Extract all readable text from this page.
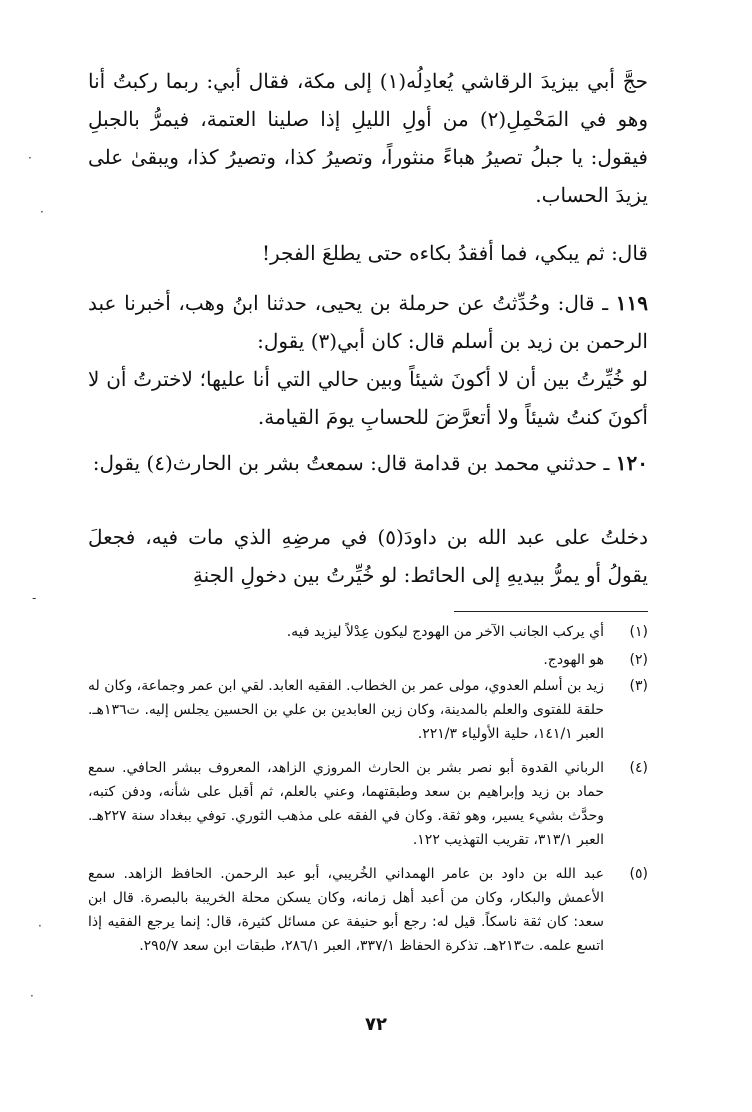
حجَّ أبي بيزيدَ الرقاشي يُعادِلُه(١) إلى مكة، فقال أبي: ربما ركبتُ أنا وهو في المَحْمِلِ(٢) من أولِ الليلِ إذا صلينا العتمة، فيمرُّ بالجبلِ فيقول: يا جبلُ تصيرُ هباءً منثوراً، وتصيرُ كذا، وتصيرُ كذا، ويبقىٰ على يزيدَ الحساب.
قال: ثم يبكي، فما أفقدُ بكاءه حتى يطلعَ الفجر!
١١٩ ـ قال: وحُدِّثتُ عن حرملة بن يحيى، حدثنا ابنُ وهب، أخبرنا عبد الرحمن بن زيد بن أسلم قال: كان أبي(٣) يقول:
لو خُيِّرتُ بين أن لا أكونَ شيئاً وبين حالي التي أنا عليها؛ لاخترتُ أن لا أكونَ كنتُ شيئاً ولا أتعرَّضَ للحسابِ يومَ القيامة.
١٢٠ ـ حدثني محمد بن قدامة قال: سمعتُ بشر بن الحارث(٤) يقول:
دخلتُ على عبد الله بن داودَ(٥) في مرضِهِ الذي مات فيه، فجعلَ يقولُ أو يمرُّ بيديهِ إلى الحائط: لو خُيِّرتُ بين دخولِ الجنةِ
(١)
أي يركب الجانب الآخر من الهودج ليكون عِدْلاً ليزيد فيه.
(٢)
هو الهودج.
(٣)
زيد بن أسلم العدوي، مولى عمر بن الخطاب. الفقيه العابد. لقي ابن عمر وجماعة، وكان له حلقة للفتوى والعلم بالمدينة، وكان زين العابدين بن علي بن الحسين يجلس إليه. ت١٣٦هـ. العبر ١٤١/١، حلية الأولياء ٢٢١/٣.
(٤)
الرباني القدوة أبو نصر بشر بن الحارث المروزي الزاهد، المعروف ببشر الحافي. سمع حماد بن زيد وإبراهيم بن سعد وطبقتهما، وعني بالعلم، ثم أقبل على شأنه، ودفن كتبه، وحدَّث بشيء يسير، وهو ثقة. وكان في الفقه على مذهب الثوري. توفي ببغداد سنة ٢٢٧هـ. العبر ٣١٣/١، تقريب التهذيب ١٢٢.
(٥)
عبد الله بن داود بن عامر الهمداني الخُريبي، أبو عبد الرحمن. الحافظ الزاهد. سمع الأعمش والبكار، وكان من أعبد أهل زمانه، وكان يسكن محلة الخريبة بالبصرة. قال ابن سعد: كان ثقة ناسكاً. قيل له: رجع أبو حنيفة عن مسائل كثيرة، قال: إنما يرجع الفقيه إذا اتسع علمه. ت٢١٣هـ. تذكرة الحفاظ ٣٣٧/١، العبر ٢٨٦/١، طبقات ابن سعد ٢٩٥/٧.
٧٢
·
·
-
·
·
